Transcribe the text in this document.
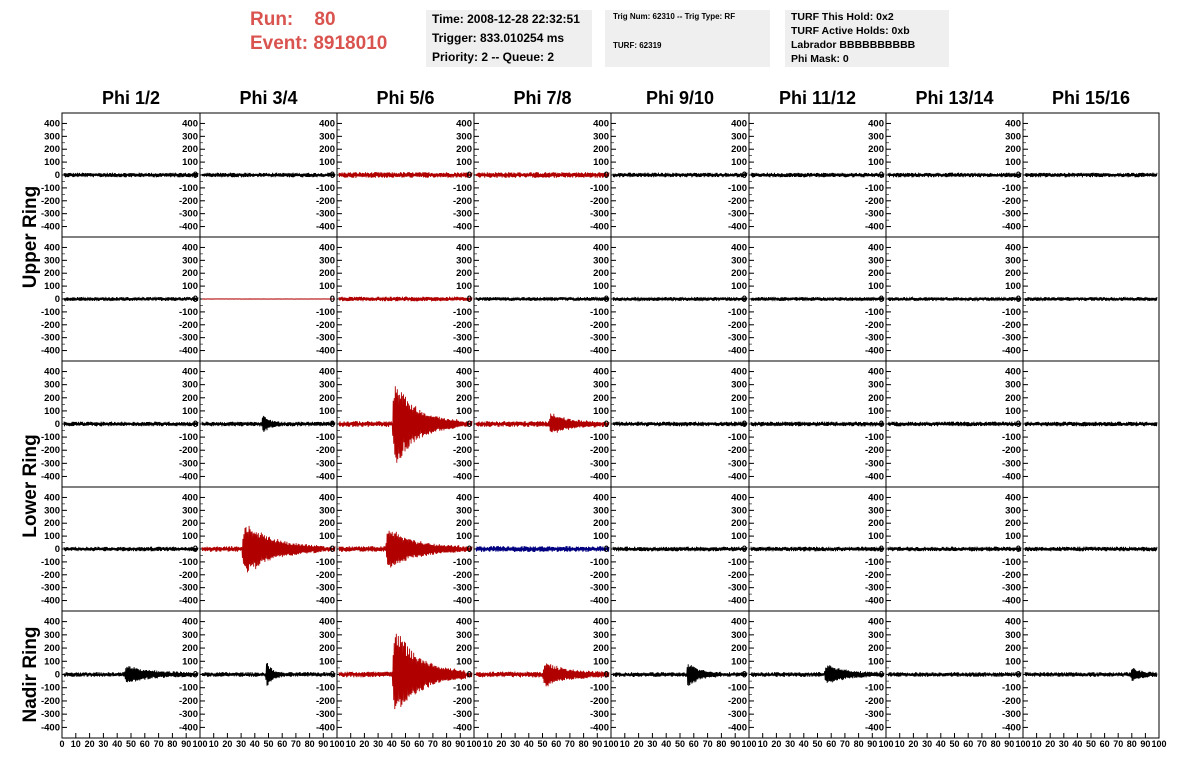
Run: 80
Event: 8918010
Time: 2008-12-28 22:32:51
Trigger: 833.010254 ms
Priority: 2 -- Queue: 2
Trig Num: 62310 -- Trig Type: RF
TURF: 62319
TURF This Hold: 0x2
TURF Active Holds: 0xb
Labrador BBBBBBBBBB
Phi Mask: 0
Phi 1/2	Phi 3/4	Phi 5/6	Phi 7/8	Phi 9/10	Phi 11/12	Phi 13/14	Phi 15/16
Upper Ring
Lower Ring
Nadir Ring
-400
-300
-200
-100
0
100
200
300
400
-400
-300
-200
-100
0
100
200
300
400
-400
-300
-200
-100
0
100
200
300
400
-400
-300
-200
-100
0
100
200
300
400
-400
-300
-200
-100
0
100
200
300
400
-400
-300
-200
-100
0
100
200
300
400
-400
-300
-200
-100
0
100
200
300
400
-400
-300
-200
-100
0
100
200
300
400
-400
-300
-200
-100
0
100
200
300
400
-400
-300
-200
-100
0
100
200
300
400
-400
-300
-200
-100
0
100
200
300
400
-400
-300
-200
-100
0
100
200
300
400
-400
-300
-200
-100
0
100
200
300
400
-400
-300
-200
-100
0
100
200
300
400
-400
-300
-200
-100
0
100
200
300
400
-400
-300
-200
-100
0
100
200
300
400
-400
-300
-200
-100
0
100
200
300
400
-400
-300
-200
-100
0
100
200
300
400
-400
-300
-200
-100
0
100
200
300
400
-400
-300
-200
-100
0
100
200
300
400
-400
-300
-200
-100
0
100
200
300
400
-400
-300
-200
-100
0
100
200
300
400
-400
-300
-200
-100
0
100
200
300
400
-400
-300
-200
-100
0
100
200
300
400
-400
-300
-200
-100
0
100
200
300
400
-400
-300
-200
-100
0
100
200
300
400
-400
-300
-200
-100
0
100
200
300
400
-400
-300
-200
-100
0
100
200
300
400
-400
-300
-200
-100
0
100
200
300
400
-400
-300
-200
-100
0
100
200
300
400
-400
-300
-200
-100
0
100
200
300
400
-400
-300
-200
-100
0
100
200
300
400
-400
-300
-200
-100
0
100
200
300
400
-400
-300
-200
-100
0
100
200
300
400
-400
-300
-200
-100
0
100
200
300
400
-400
-300
-200
-100
0
100
200
300
400
-400
-300
-200
-100
0
100
200
300
400
-400
-300
-200
-100
0
100
200
300
400
-400
-300
-200
-100
0
100
200
300
400
-400
-300
-200
-100
0
100
200
300
400
0 10 20 30 40 50 60 70 80 90 100 10 20 30 40 50 60 70 80 90 100 10 20 30 40 50 60 70 80 90 100 10 20 30 40 50 60 70 80 90 100 10 20 30 40 50 60 70 80 90 100 10 20 30 40 50 60 70 80 90 100 10 20 30 40 50 60 70 80 90 100 10 20 30 40 50 60 70 80 90 100
